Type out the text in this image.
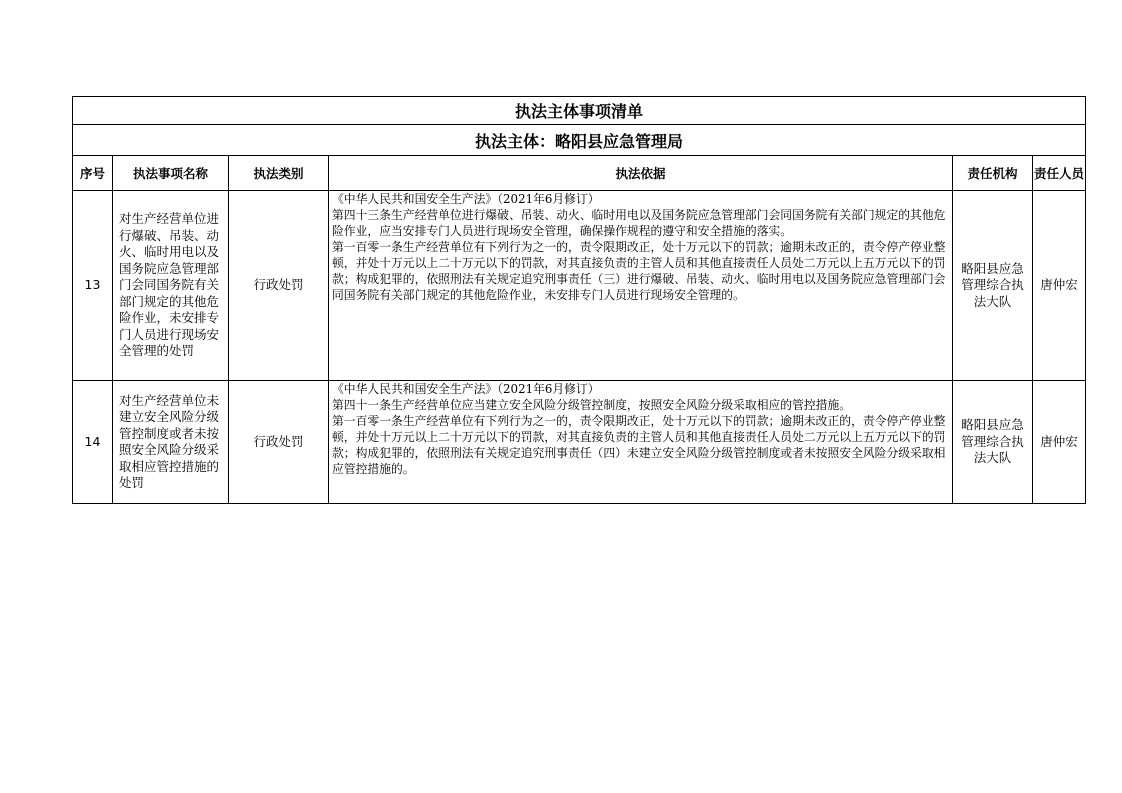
执法主体事项清单					
执法主体：略阳县应急管理局					
序号	执法事项名称	执法类别	执法依据	责任机构	责任人员
13	对生产经营单位进行爆破、吊装、动火、临时用电以及国务院应急管理部门会同国务院有关部门规定的其他危险作业，未安排专门人员进行现场安全管理的处罚	行政处罚	《中华人民共和国安全生产法》（2021年6月修订）
第四十三条生产经营单位进行爆破、吊装、动火、临时用电以及国务院应急管理部门会同国务院有关部门规定的其他危险作业，应当安排专门人员进行现场安全管理，确保操作规程的遵守和安全措施的落实。
第一百零一条生产经营单位有下列行为之一的，责令限期改正，处十万元以下的罚款；逾期未改正的，责令停产停业整顿，并处十万元以上二十万元以下的罚款，对其直接负责的主管人员和其他直接责任人员处二万元以上五万元以下的罚款；构成犯罪的，依照刑法有关规定追究刑事责任（三）进行爆破、吊装、动火、临时用电以及国务院应急管理部门会同国务院有关部门规定的其他危险作业，未安排专门人员进行现场安全管理的。	略阳县应急管理综合执法大队	唐仲宏
14	对生产经营单位未建立安全风险分级管控制度或者未按照安全风险分级采取相应管控措施的处罚	行政处罚	《中华人民共和国安全生产法》（2021年6月修订）
第四十一条生产经营单位应当建立安全风险分级管控制度，按照安全风险分级采取相应的管控措施。
第一百零一条生产经营单位有下列行为之一的，责令限期改正，处十万元以下的罚款；逾期未改正的，责令停产停业整顿，并处十万元以上二十万元以下的罚款，对其直接负责的主管人员和其他直接责任人员处二万元以上五万元以下的罚款；构成犯罪的，依照刑法有关规定追究刑事责任（四）未建立安全风险分级管控制度或者未按照安全风险分级采取相应管控措施的。	略阳县应急管理综合执法大队	唐仲宏
